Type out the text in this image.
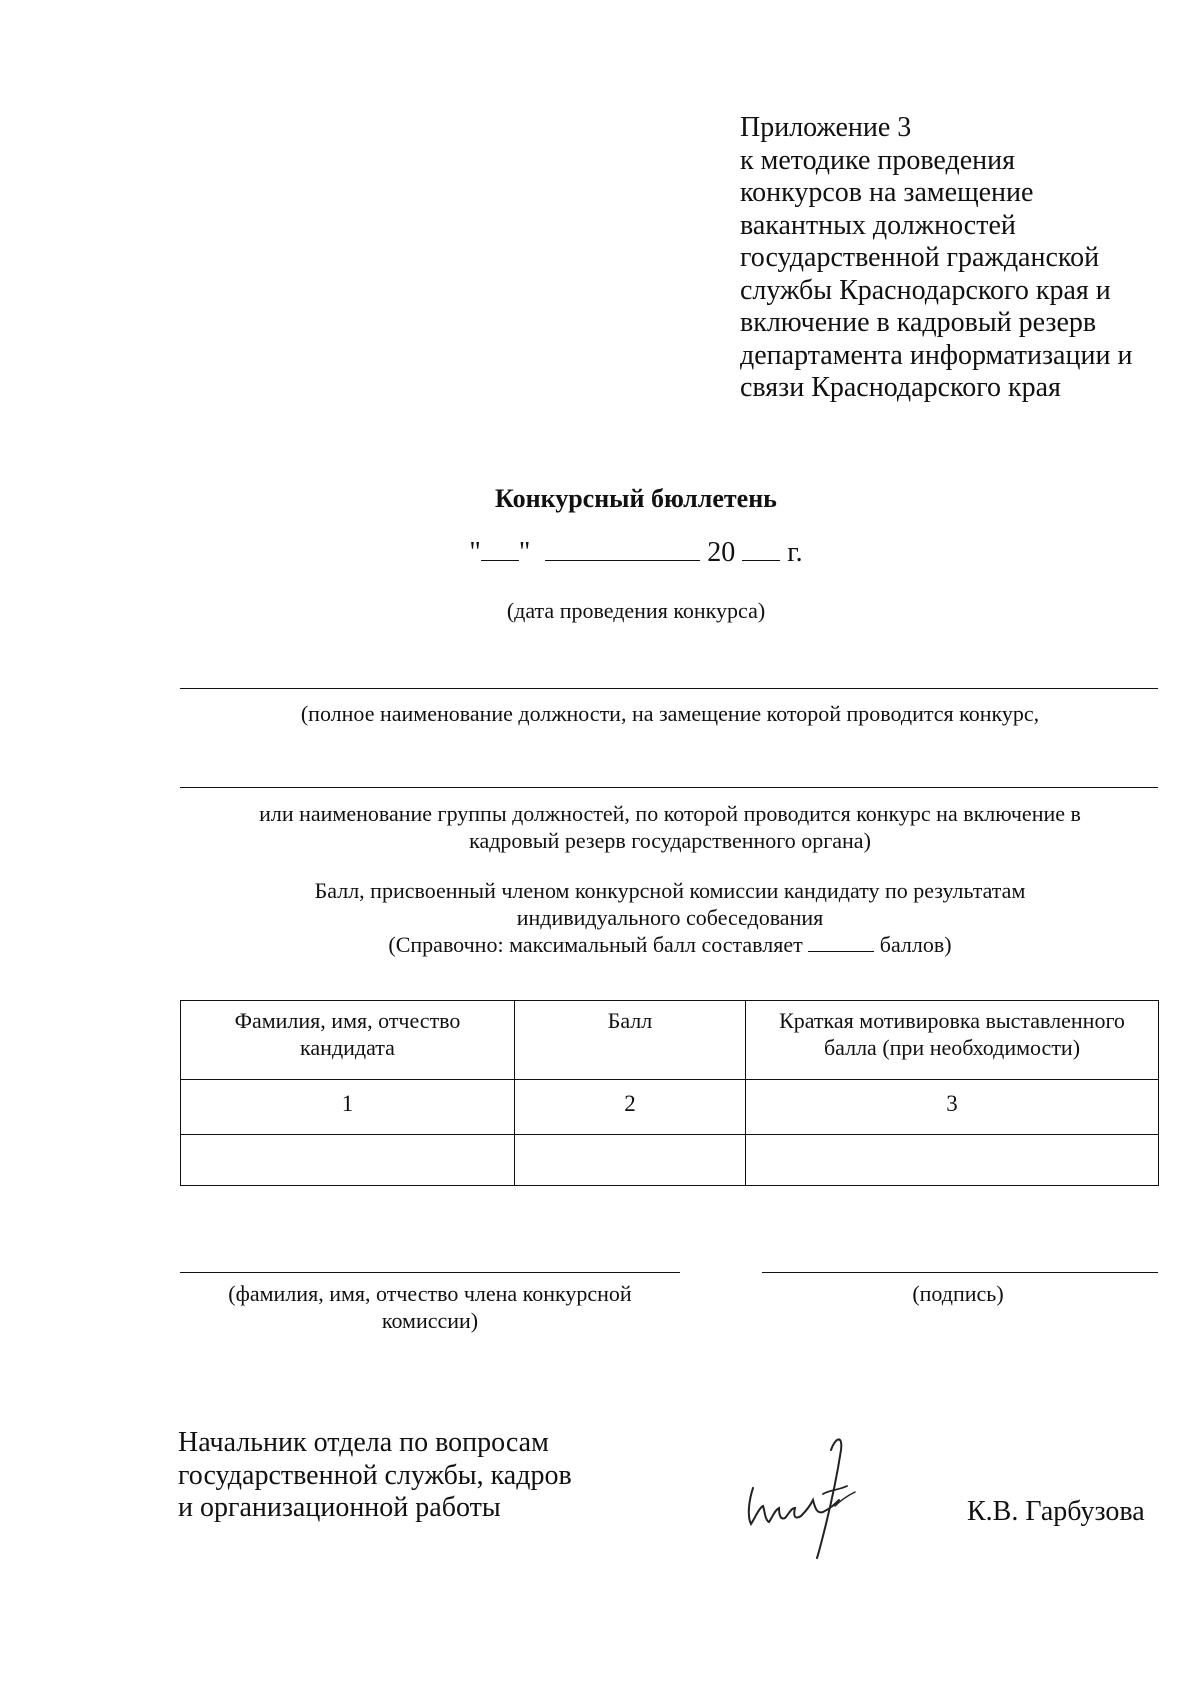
Приложение 3
к методике проведения
конкурсов на замещение
вакантных должностей
государственной гражданской
службы Краснодарского края и
включение в кадровый резерв
департамента информатизации и
связи Краснодарского края
Конкурсный бюллетень
" "	20 г.
(дата проведения конкурса)
(полное наименование должности, на замещение которой проводится конкурс,
или наименование группы должностей, по которой проводится конкурс на включение в
кадровый резерв государственного органа)
Балл, присвоенный членом конкурсной комиссии кандидату по результатам
индивидуального собеседования
(Справочно: максимальный балл составляет	баллов)
Фамилия, имя, отчество кандидата	Балл	Краткая мотивировка выставленного балла (при необходимости)
1	2	3

(фамилия, имя, отчество члена конкурсной комиссии)
(подпись)
Начальник отдела по вопросам
государственной службы, кадров
и организационной работы	К.В. Гарбузова
